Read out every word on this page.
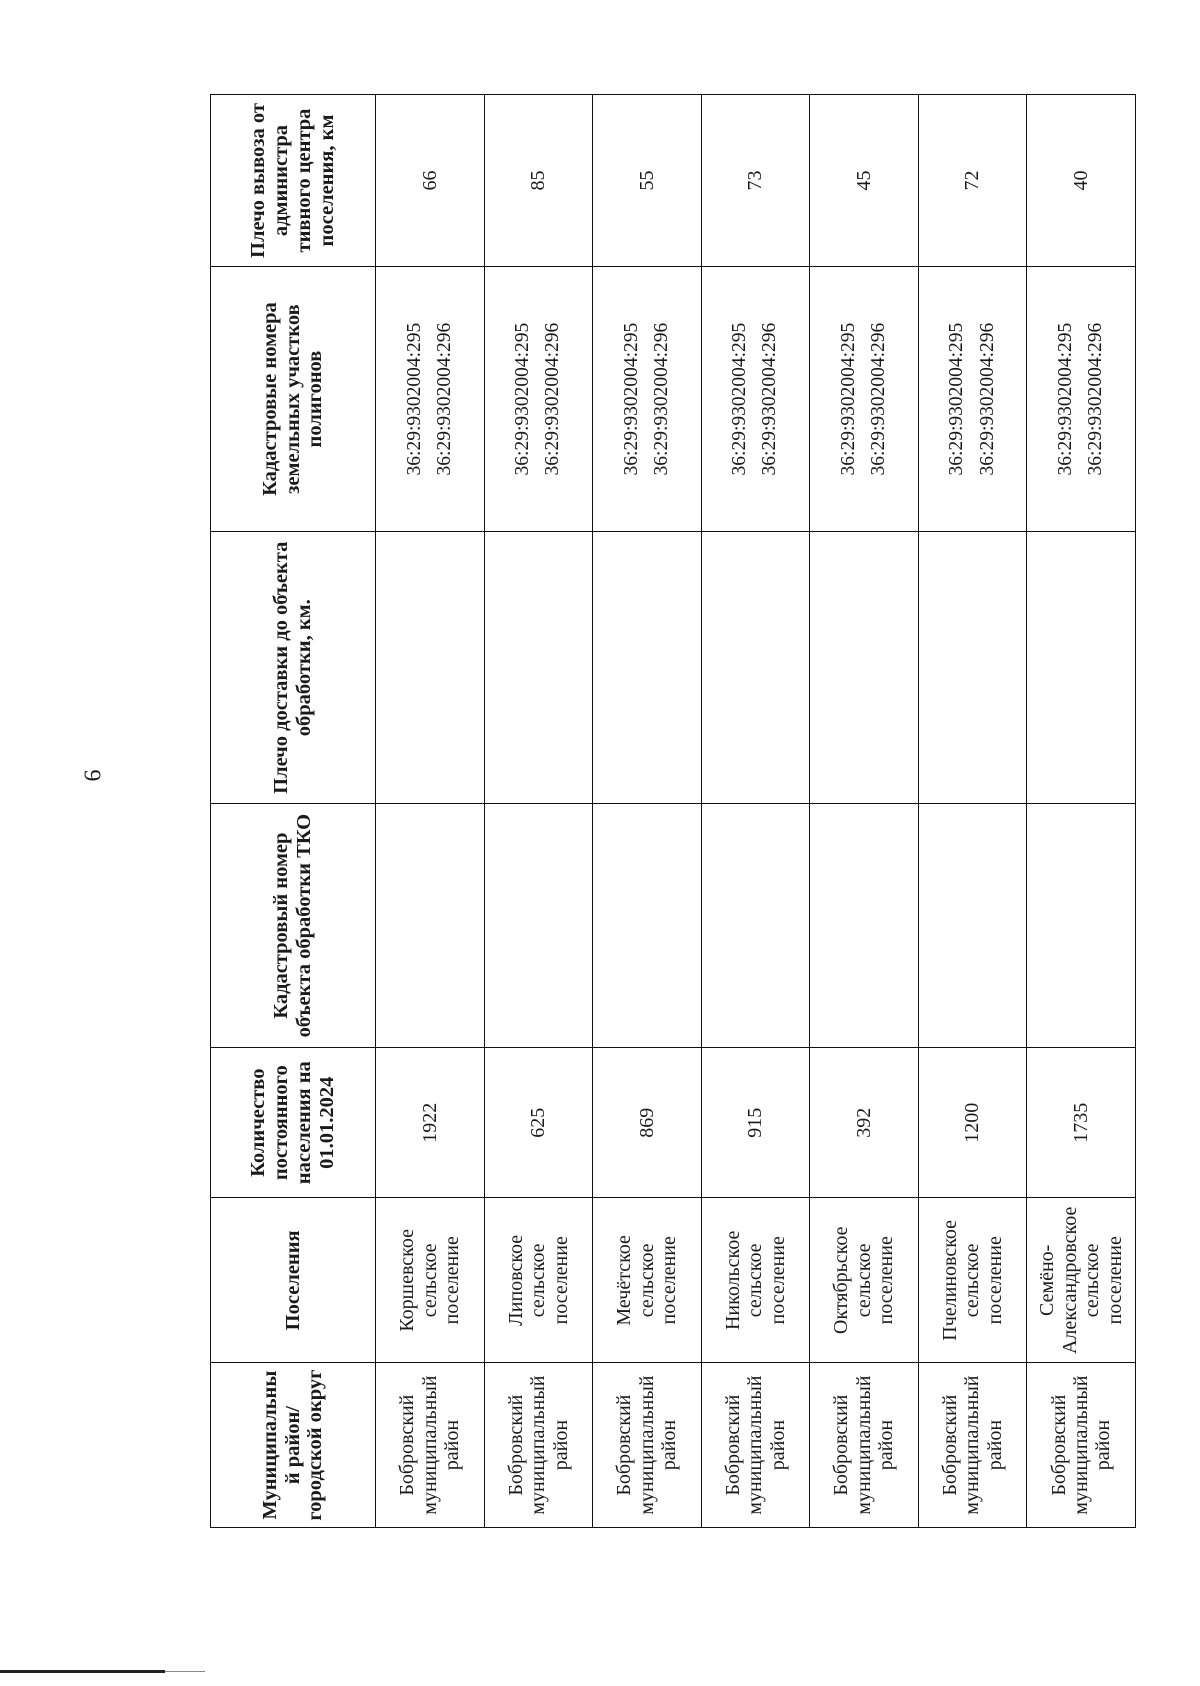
6
Муниципальны й район/ городской округ	Поселения	Количество постоянного населения на 01.01.2024	Кадастровый номер объекта обработки ТКО	Плечо доставки до объекта обработки, км.	Кадастровые номера земельных участков полигонов	Плечо вывоза от администра тивного центра поселения, км
Бобровский муниципальный район	Коршевское сельское поселение	1922			36:29:9302004:295 36:29:9302004:296	66
Бобровский муниципальный район	Липовское сельское поселение	625			36:29:9302004:295 36:29:9302004:296	85
Бобровский муниципальный район	Мечётское сельское поселение	869			36:29:9302004:295 36:29:9302004:296	55
Бобровский муниципальный район	Никольское сельское поселение	915			36:29:9302004:295 36:29:9302004:296	73
Бобровский муниципальный район	Октябрьское сельское поселение	392			36:29:9302004:295 36:29:9302004:296	45
Бобровский муниципальный район	Пчелиновское сельское поселение	1200			36:29:9302004:295 36:29:9302004:296	72
Бобровский муниципальный район	Семёно-Александровское сельское поселение	1735			36:29:9302004:295 36:29:9302004:296	40
